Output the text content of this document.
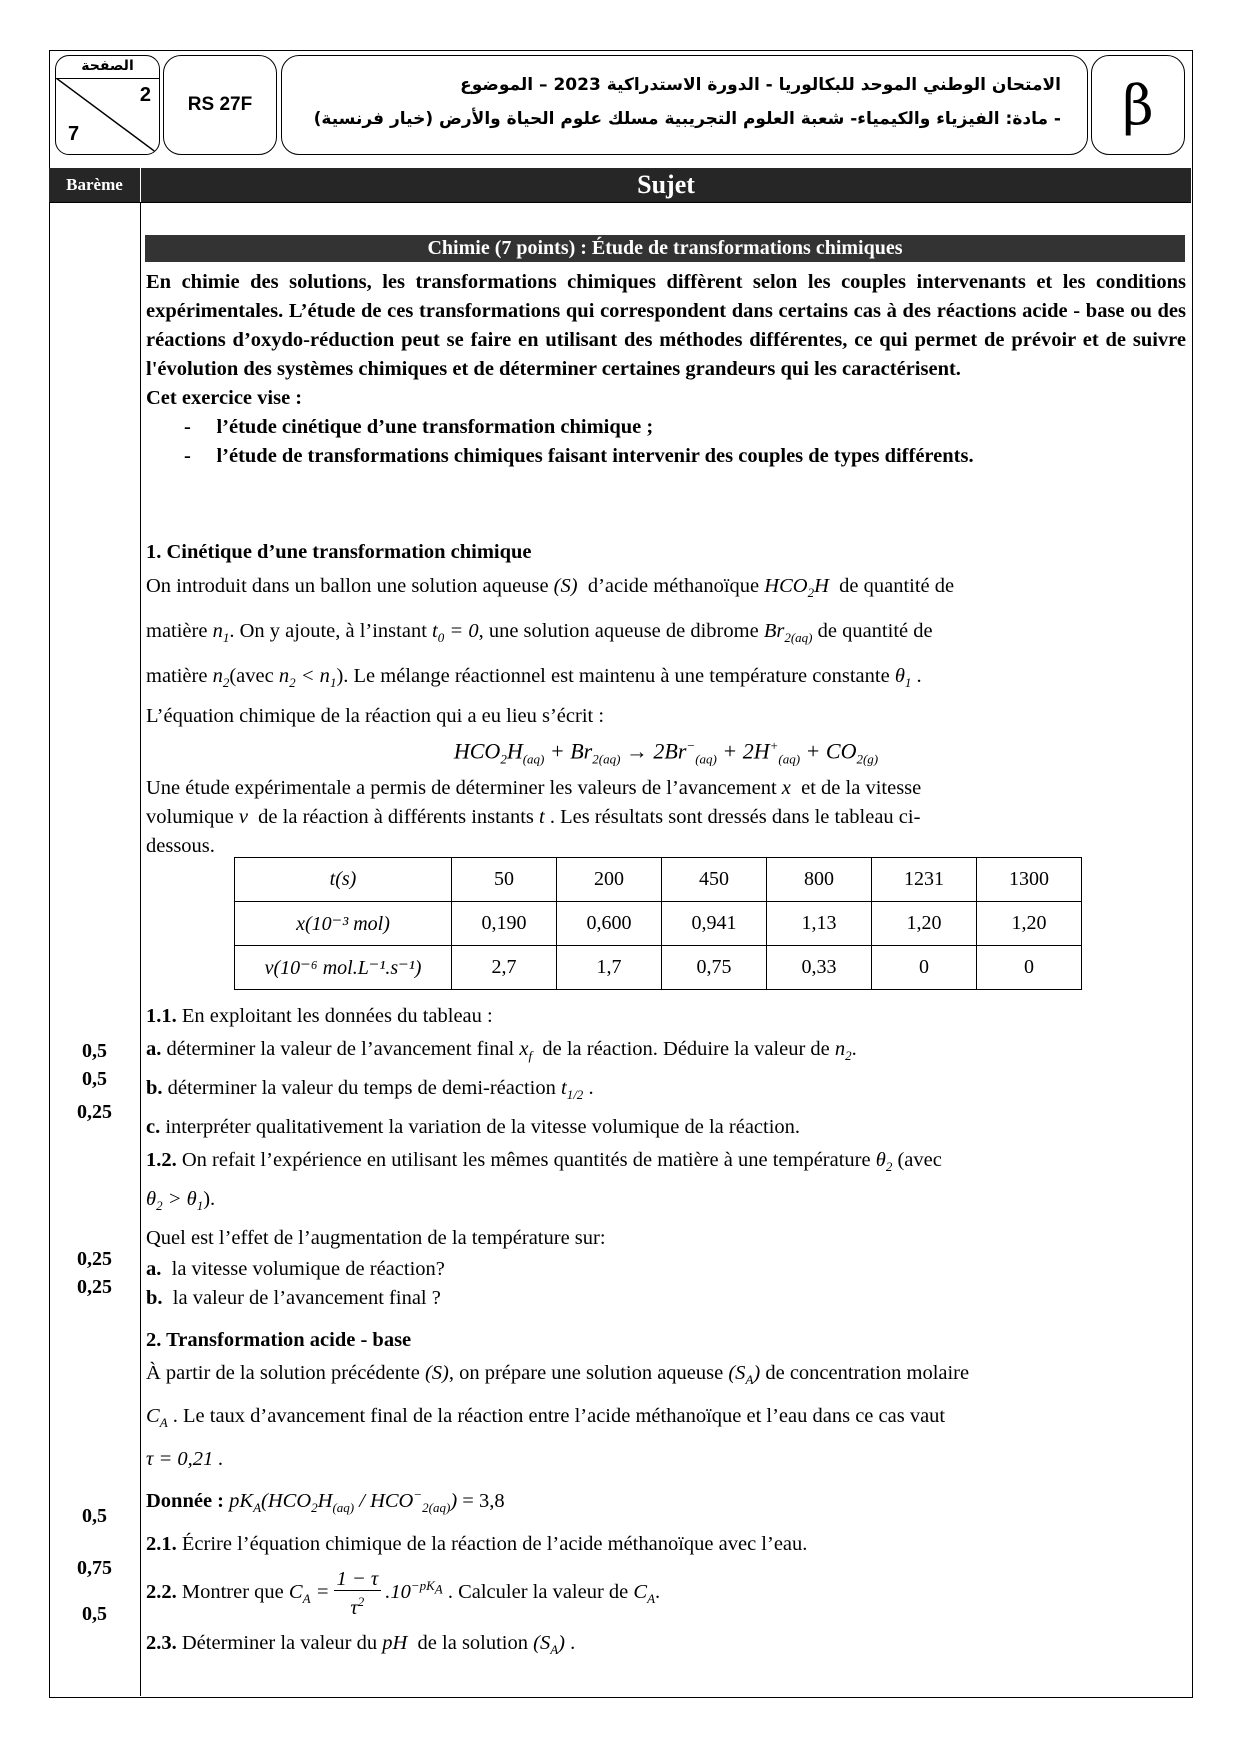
الصفحة
2
7
RS 27F
الامتحان الوطني الموحد للبكالوريا - الدورة الاستدراكية 2023 – الموضوع
- مادة: الفيزياء والكيمياء- شعبة العلوم التجريبية مسلك علوم الحياة والأرض (خيار فرنسية)	β
Barème	Sujet
Chimie (7 points) : Étude de transformations chimiques
En chimie des solutions, les transformations chimiques diffèrent selon les couples intervenants et les conditions expérimentales. L’étude de ces transformations qui correspondent dans certains cas à des réactions acide - base ou des réactions d’oxydo-réduction peut se faire en utilisant des méthodes différentes, ce qui permet de prévoir et de suivre l'évolution des systèmes chimiques et de déterminer certaines grandeurs qui les caractérisent.
Cet exercice vise :
-     l’étude cinétique d’une transformation chimique ;
-     l’étude de transformations chimiques faisant intervenir des couples de types différents.
1. Cinétique d’une transformation chimique
On introduit dans un ballon une solution aqueuse (S) d’acide méthanoïque $HCO_2H$ de quantité de
matière $n_1$. On y ajoute, à l’instant $t_0 = 0$, une solution aqueuse de dibrome $Br_{2(aq)}$ de quantité de
matière $n_2(avec$ $n_2 < n_1$). Le mélange réactionnel est maintenu à une température constante $\theta_1$ .
L’équation chimique de la réaction qui a eu lieu s’écrit :
$HCO_2H_{(aq)} + Br_{2(aq)} \to 2Br^-_{(aq)} + 2H^+_{(aq)} + CO_{2(g)}$
Une étude expérimentale a permis de déterminer les valeurs de l’avancement x et de la vitesse
volumique v de la réaction à différents instants t . Les résultats sont dressés dans le tableau ci-
dessous.
t(s)	50	200	450	800	1231	1300
x(10⁻³ mol)	0,190	0,600	0,941	1,13	1,20	1,20
v(10⁻⁶ mol.L⁻¹.s⁻¹)	2,7	1,7	0,75	0,33	0	0
1.1. En exploitant les données du tableau :
a. déterminer la valeur de l’avancement final $x_f$ de la réaction. Déduire la valeur de $n_2$.
b. déterminer la valeur du temps de demi-réaction $t_{1/2}$ .
c. interpréter qualitativement la variation de la vitesse volumique de la réaction.
1.2. On refait l’expérience en utilisant les mêmes quantités de matière à une température $\theta_2$ (avec
$\theta_2 > \theta_1$).
Quel est l’effet de l’augmentation de la température sur:
a. la vitesse volumique de réaction?
b. la valeur de l’avancement final ?
2. Transformation acide - base
À partir de la solution précédente (S), on prépare une solution aqueuse $(S_A)$ de concentration molaire
$C_A$ . Le taux d’avancement final de la réaction entre l’acide méthanoïque et l’eau dans ce cas vaut
τ = 0,21 .
Donnée : $pK_A(HCO_2H_{(aq)} / HCO^-_{2(aq)}) = 3,8$
2.1. Écrire l’équation chimique de la réaction de l’acide méthanoïque avec l’eau.
2.2. Montrer que $C_A = \frac{1 - \tau}{\tau^2} .10^{-pK_A}$ . Calculer la valeur de $C_A$.
2.3. Déterminer la valeur du pH de la solution $(S_A)$ .
0,5
0,5
0,25
0,25
0,25
0,5
0,75
0,5
